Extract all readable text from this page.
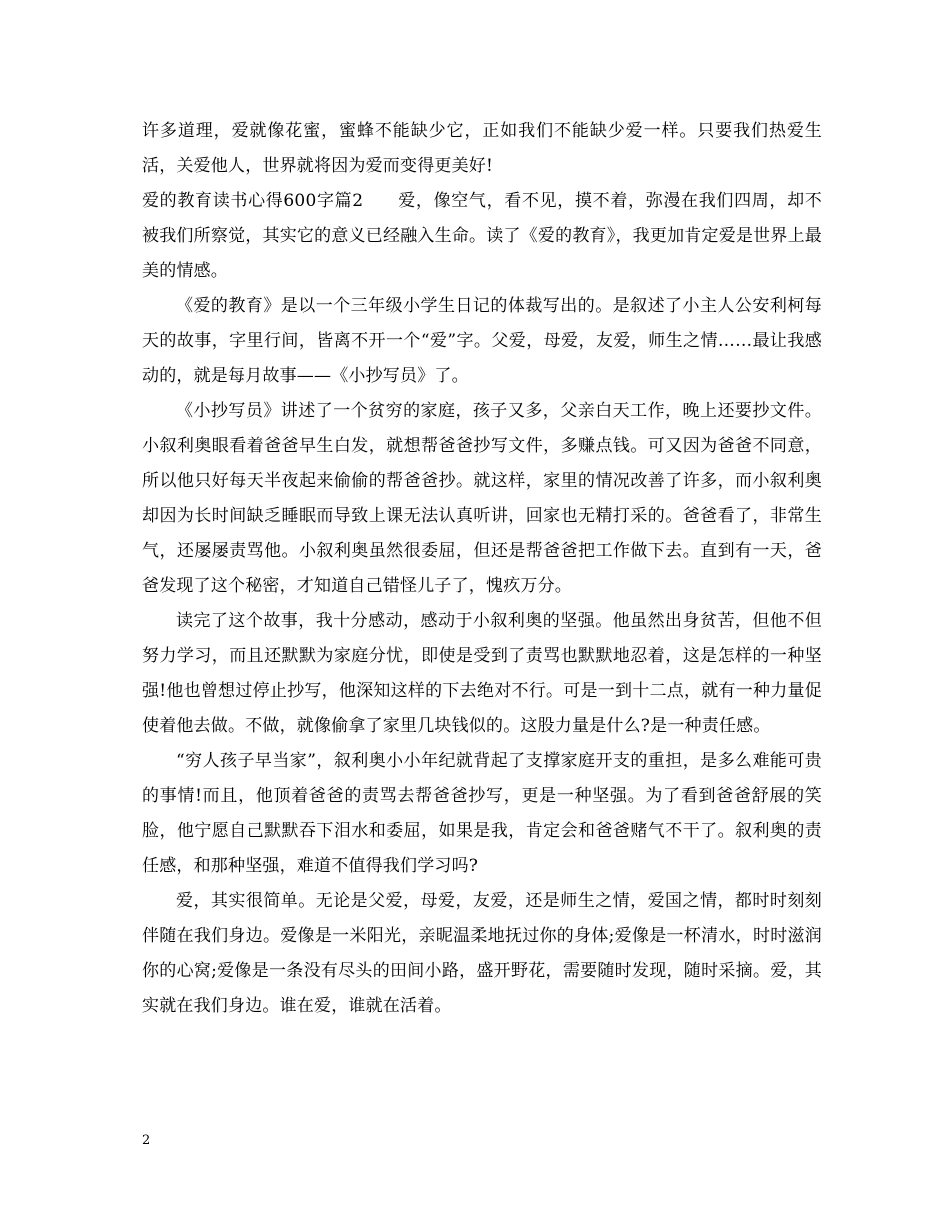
许多道理，爱就像花蜜，蜜蜂不能缺少它，正如我们不能缺少爱一样。只要我们热爱生活，关爱他人，世界就将因为爱而变得更美好!

爱的教育读书心得600字篇2   爱，像空气，看不见，摸不着，弥漫在我们四周，却不被我们所察觉，其实它的意义已经融入生命。读了《爱的教育》，我更加肯定爱是世界上最美的情感。

《爱的教育》是以一个三年级小学生日记的体裁写出的。是叙述了小主人公安利柯每天的故事，字里行间，皆离不开一个“爱”字。父爱，母爱，友爱，师生之情……最让我感动的，就是每月故事——《小抄写员》了。

《小抄写员》讲述了一个贫穷的家庭，孩子又多，父亲白天工作，晚上还要抄文件。小叙利奥眼看着爸爸早生白发，就想帮爸爸抄写文件，多赚点钱。可又因为爸爸不同意，所以他只好每天半夜起来偷偷的帮爸爸抄。就这样，家里的情况改善了许多，而小叙利奥却因为长时间缺乏睡眠而导致上课无法认真听讲，回家也无精打采的。爸爸看了，非常生气，还屡屡责骂他。小叙利奥虽然很委屈，但还是帮爸爸把工作做下去。直到有一天，爸爸发现了这个秘密，才知道自己错怪儿子了，愧疚万分。

读完了这个故事，我十分感动，感动于小叙利奥的坚强。他虽然出身贫苦，但他不但努力学习，而且还默默为家庭分忧，即使是受到了责骂也默默地忍着，这是怎样的一种坚强!他也曾想过停止抄写，他深知这样的下去绝对不行。可是一到十二点，就有一种力量促使着他去做。不做，就像偷拿了家里几块钱似的。这股力量是什么?是一种责任感。

“穷人孩子早当家”，叙利奥小小年纪就背起了支撑家庭开支的重担，是多么难能可贵的事情!而且，他顶着爸爸的责骂去帮爸爸抄写，更是一种坚强。为了看到爸爸舒展的笑脸，他宁愿自己默默吞下泪水和委屈，如果是我，肯定会和爸爸赌气不干了。叙利奥的责任感，和那种坚强，难道不值得我们学习吗?

爱，其实很简单。无论是父爱，母爱，友爱，还是师生之情，爱国之情，都时时刻刻伴随在我们身边。爱像是一米阳光，亲昵温柔地抚过你的身体;爱像是一杯清水，时时滋润你的心窝;爱像是一条没有尽头的田间小路，盛开野花，需要随时发现，随时采摘。爱，其实就在我们身边。谁在爱，谁就在活着。

2
